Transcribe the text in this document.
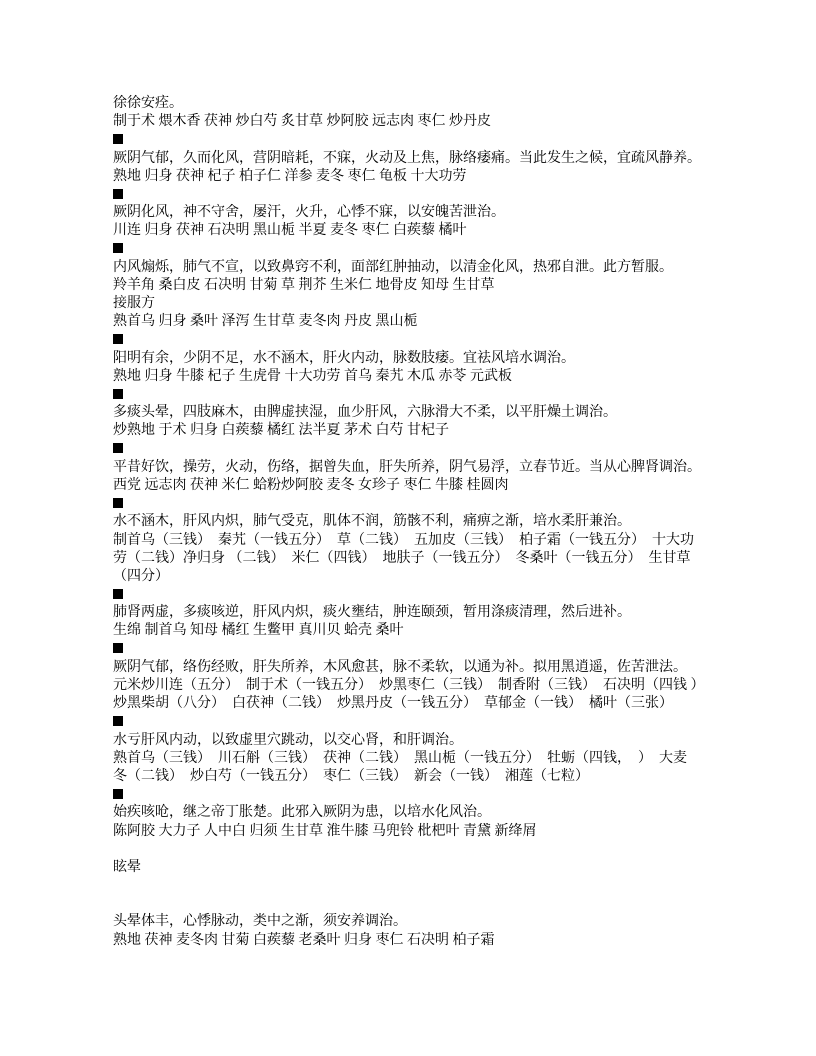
徐徐安痊。
制于术 煨木香 茯神 炒白芍 炙甘草 炒阿胶 远志肉 枣仁 炒丹皮
厥阴气郁，久而化风，营阴暗耗，不寐，火动及上焦，脉络痿痛。当此发生之候，宜疏风静养。
熟地 归身 茯神 杞子 柏子仁 洋参 麦冬 枣仁 龟板 十大功劳
厥阴化风，神不守舍，屡汗，火升，心悸不寐，以安魄苦泄治。
川连 归身 茯神 石决明 黑山栀 半夏 麦冬 枣仁 白蒺藜 橘叶
内风煽烁，肺气不宣，以致鼻窍不利，面部红肿抽动，以清金化风，热邪自泄。此方暂服。
羚羊角 桑白皮 石决明 甘菊 草 荆芥 生米仁 地骨皮 知母 生甘草
接服方
熟首乌 归身 桑叶 泽泻 生甘草 麦冬肉 丹皮 黑山栀
阳明有余，少阴不足，水不涵木，肝火内动，脉数肢痿。宜祛风培水调治。
熟地 归身 牛膝 杞子 生虎骨 十大功劳 首乌 秦艽 木瓜 赤苓 元武板
多痰头晕，四肢麻木，由脾虚挟湿，血少肝风，六脉滑大不柔，以平肝燥土调治。
炒熟地 于术 归身 白蒺藜 橘红 法半夏 茅术 白芍 甘杞子
平昔好饮，操劳，火动，伤络，据曾失血，肝失所养，阴气易浮，立春节近。当从心脾肾调治。
西党 远志肉 茯神 米仁 蛤粉炒阿胶 麦冬 女珍子 枣仁 牛膝 桂圆肉
水不涵木，肝风内炽，肺气受克，肌体不润，筋骸不利，痛痹之渐，培水柔肝兼治。
制首乌（三钱）　秦艽（一钱五分）　草（二钱）　五加皮（三钱）　柏子霜（一钱五分）　十大功
劳（二钱）净归身 （二钱）　米仁（四钱）　地肤子（一钱五分）　冬桑叶（一钱五分）　生甘草
（四分）
肺肾两虚，多痰咳逆，肝风内炽，痰火壅结，肿连颐颈，暂用涤痰清理，然后进补。
生绵 制首乌 知母 橘红 生鳖甲 真川贝 蛤壳 桑叶
厥阴气郁，络伤经败，肝失所养，木风愈甚，脉不柔软，以通为补。拟用黑逍遥，佐苦泄法。
元米炒川连（五分）　制于术（一钱五分）　炒黑枣仁（三钱）　制香附（三钱）　石决明（四钱 ）
炒黑柴胡（八分）　白茯神（二钱）　炒黑丹皮（一钱五分）　草郁金（一钱）　橘叶（三张）
水亏肝风内动，以致虚里穴跳动，以交心肾，和肝调治。
熟首乌（三钱）　川石斛（三钱）　茯神（二钱）　黑山栀（一钱五分）　牡蛎（四钱，　）　大麦
冬（二钱）　炒白芍（一钱五分）　枣仁（三钱）　新会（一钱）　湘莲（七粒）
始疾咳呛，继之帝丁胀楚。此邪入厥阴为患，以培水化风治。
陈阿胶 大力子 人中白 归须 生甘草 淮牛膝 马兜铃 枇杷叶 青黛 新绛屑
眩晕
头晕体丰，心悸脉动，类中之渐，须安养调治。
熟地 茯神 麦冬肉 甘菊 白蒺藜 老桑叶 归身 枣仁 石决明 柏子霜
